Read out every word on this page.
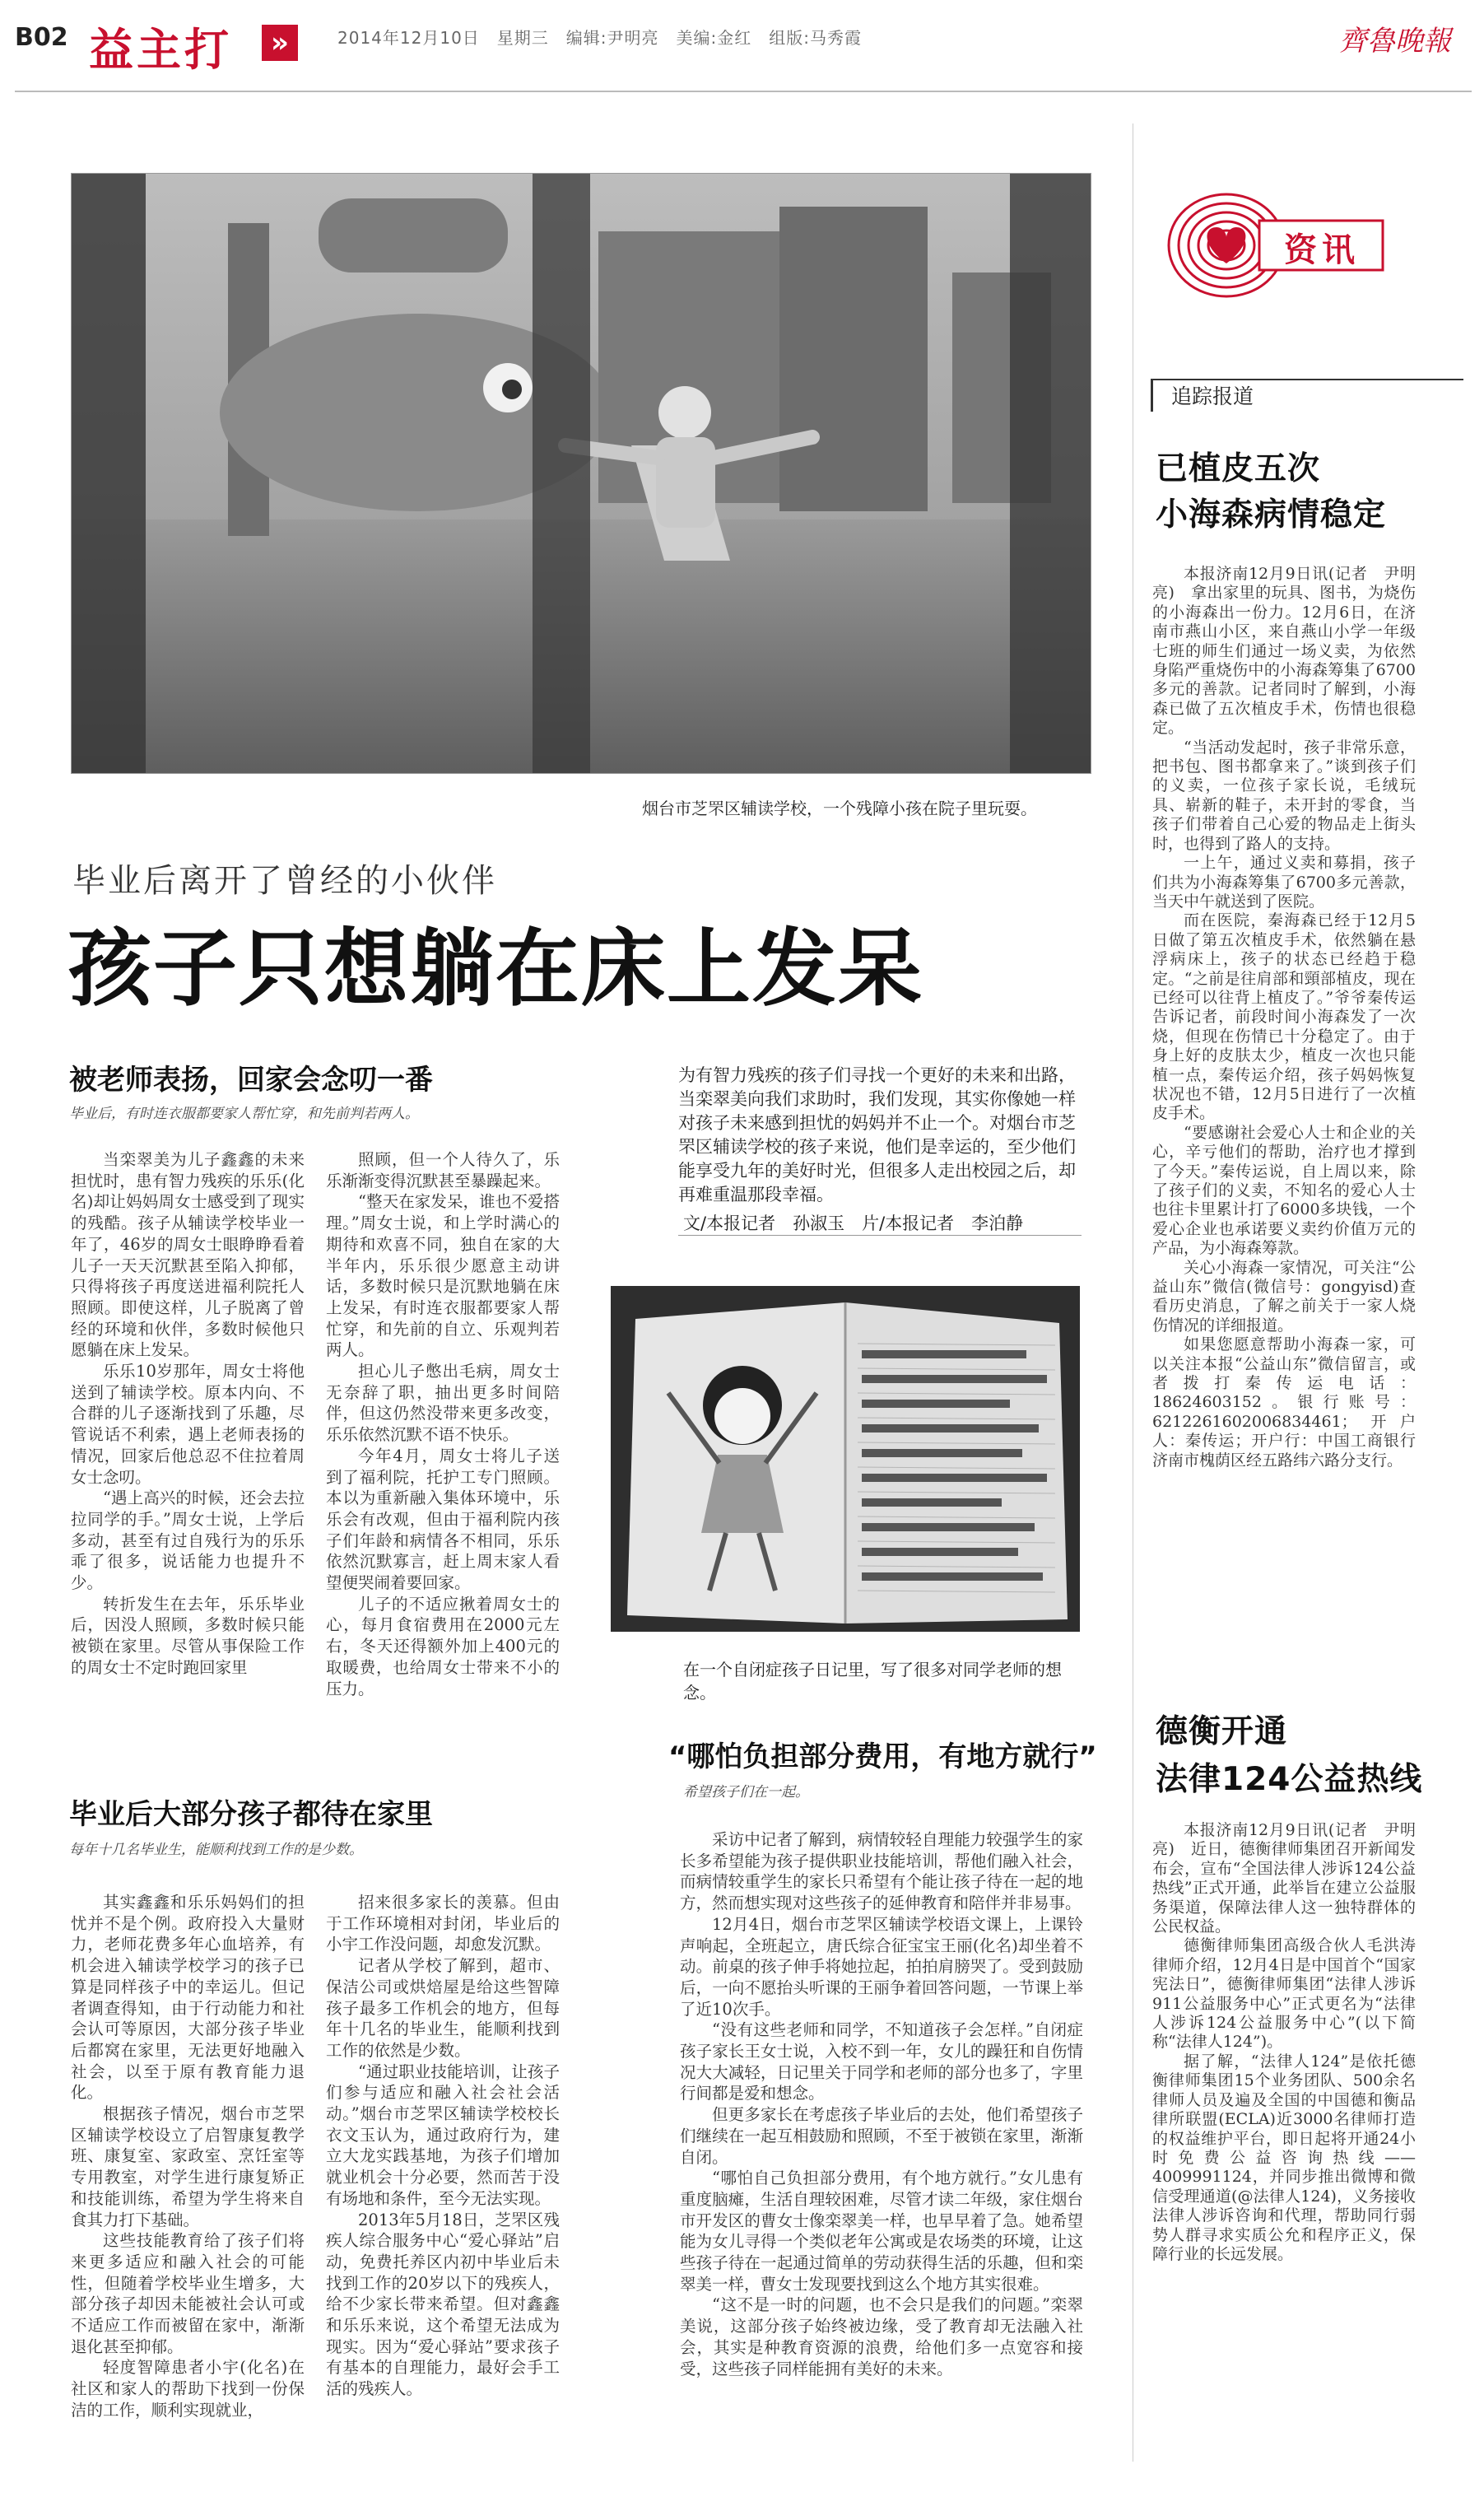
B02 益主打	»	2014年12月10日　星期三　编辑:尹明亮　美编:金红　组版:马秀霞	齊魯晚報
烟台市芝罘区辅读学校，一个残障小孩在院子里玩耍。
毕业后离开了曾经的小伙伴
孩子只想躺在床上发呆
被老师表扬，回家会念叨一番
毕业后，有时连衣服都要家人帮忙穿，和先前判若两人。

当栾翠美为儿子鑫鑫的未来担忧时，患有智力残疾的乐乐(化名)却让妈妈周女士感受到了现实的残酷。孩子从辅读学校毕业一年了，46岁的周女士眼睁睁看着儿子一天天沉默甚至陷入抑郁，只得将孩子再度送进福利院托人照顾。即使这样，儿子脱离了曾经的环境和伙伴，多数时候他只愿躺在床上发呆。

乐乐10岁那年，周女士将他送到了辅读学校。原本内向、不合群的儿子逐渐找到了乐趣，尽管说话不利索，遇上老师表扬的情况，回家后他总忍不住拉着周女士念叨。

“遇上高兴的时候，还会去拉拉同学的手。”周女士说，上学后多动，甚至有过自残行为的乐乐乖了很多，说话能力也提升不少。

转折发生在去年，乐乐毕业后，因没人照顾，多数时候只能被锁在家里。尽管从事保险工作的周女士不定时跑回家里

照顾，但一个人待久了，乐乐渐渐变得沉默甚至暴躁起来。

“整天在家发呆，谁也不爱搭理。”周女士说，和上学时满心的期待和欢喜不同，独自在家的大半年内，乐乐很少愿意主动讲话，多数时候只是沉默地躺在床上发呆，有时连衣服都要家人帮忙穿，和先前的自立、乐观判若两人。

担心儿子憋出毛病，周女士无奈辞了职，抽出更多时间陪伴，但这仍然没带来更多改变，乐乐依然沉默不语不快乐。

今年4月，周女士将儿子送到了福利院，托护工专门照顾。本以为重新融入集体环境中，乐乐会有改观，但由于福利院内孩子们年龄和病情各不相同，乐乐依然沉默寡言，赶上周末家人看望便哭闹着要回家。

儿子的不适应揪着周女士的心，每月食宿费用在2000元左右，冬天还得额外加上400元的取暖费，也给周女士带来不小的压力。

为有智力残疾的孩子们寻找一个更好的未来和出路，当栾翠美向我们求助时，我们发现，其实你像她一样对孩子未来感到担忧的妈妈并不止一个。对烟台市芝罘区辅读学校的孩子来说，他们是幸运的，至少他们能享受九年的美好时光，但很多人走出校园之后，却再难重温那段幸福。
文/本报记者　孙淑玉　片/本报记者　李泊静
在一个自闭症孩子日记里，写了很多对同学老师的想念。
毕业后大部分孩子都待在家里
每年十几名毕业生，能顺利找到工作的是少数。

其实鑫鑫和乐乐妈妈们的担忧并不是个例。政府投入大量财力，老师花费多年心血培养，有机会进入辅读学校学习的孩子已算是同样孩子中的幸运儿。但记者调查得知，由于行动能力和社会认可等原因，大部分孩子毕业后都窝在家里，无法更好地融入社会，以至于原有教育能力退化。

根据孩子情况，烟台市芝罘区辅读学校设立了启智康复教学班、康复室、家政室、烹饪室等专用教室，对学生进行康复矫正和技能训练，希望为学生将来自食其力打下基础。

这些技能教育给了孩子们将来更多适应和融入社会的可能性，但随着学校毕业生增多，大部分孩子却因未能被社会认可或不适应工作而被留在家中，渐渐退化甚至抑郁。

轻度智障患者小宇(化名)在社区和家人的帮助下找到一份保洁的工作，顺利实现就业，

招来很多家长的羡慕。但由于工作环境相对封闭，毕业后的小宇工作没问题，却愈发沉默。

记者从学校了解到，超市、保洁公司或烘焙屋是给这些智障孩子最多工作机会的地方，但每年十几名的毕业生，能顺利找到工作的依然是少数。

“通过职业技能培训，让孩子们参与适应和融入社会社会活动。”烟台市芝罘区辅读学校校长衣文玉认为，通过政府行为，建立大龙实践基地，为孩子们增加就业机会十分必要，然而苦于没有场地和条件，至今无法实现。

2013年5月18日，芝罘区残疾人综合服务中心“爱心驿站”启动，免费托养区内初中毕业后未找到工作的20岁以下的残疾人，给不少家长带来希望。但对鑫鑫和乐乐来说，这个希望无法成为现实。因为“爱心驿站”要求孩子有基本的自理能力，最好会手工活的残疾人。

“哪怕负担部分费用，有地方就行”
希望孩子们在一起。

采访中记者了解到，病情较轻自理能力较强学生的家长多希望能为孩子提供职业技能培训，帮他们融入社会，而病情较重学生的家长只希望有个能让孩子待在一起的地方，然而想实现对这些孩子的延伸教育和陪伴并非易事。

12月4日，烟台市芝罘区辅读学校语文课上，上课铃声响起，全班起立，唐氏综合征宝宝王丽(化名)却坐着不动。前桌的孩子伸手将她拉起，拍拍肩膀哭了。受到鼓励后，一向不愿抬头听课的王丽争着回答问题，一节课上举了近10次手。

“没有这些老师和同学，不知道孩子会怎样。”自闭症孩子家长王女士说，入校不到一年，女儿的躁狂和自伤情况大大减轻，日记里关于同学和老师的部分也多了，字里行间都是爱和想念。

但更多家长在考虑孩子毕业后的去处，他们希望孩子们继续在一起互相鼓励和照顾，不至于被锁在家里，渐渐自闭。

“哪怕自己负担部分费用，有个地方就行。”女儿患有重度脑瘫，生活自理较困难，尽管才读二年级，家住烟台市开发区的曹女士像栾翠美一样，也早早着了急。她希望能为女儿寻得一个类似老年公寓或是农场类的环境，让这些孩子待在一起通过简单的劳动获得生活的乐趣，但和栾翠美一样，曹女士发现要找到这么个地方其实很难。

“这不是一时的问题，也不会只是我们的问题。”栾翠美说，这部分孩子始终被边缘，受了教育却无法融入社会，其实是种教育资源的浪费，给他们多一点宽容和接受，这些孩子同样能拥有美好的未来。

资讯
追踪报道
已植皮五次
小海森病情稳定

本报济南12月9日讯(记者　尹明亮)　拿出家里的玩具、图书，为烧伤的小海森出一份力。12月6日，在济南市燕山小区，来自燕山小学一年级七班的师生们通过一场义卖，为依然身陷严重烧伤中的小海森筹集了6700多元的善款。记者同时了解到，小海森已做了五次植皮手术，伤情也很稳定。

“当活动发起时，孩子非常乐意，把书包、图书都拿来了。”谈到孩子们的义卖，一位孩子家长说，毛绒玩具、崭新的鞋子，未开封的零食，当孩子们带着自己心爱的物品走上街头时，也得到了路人的支持。

一上午，通过义卖和募捐，孩子们共为小海森筹集了6700多元善款，当天中午就送到了医院。

而在医院，秦海森已经于12月5日做了第五次植皮手术，依然躺在悬浮病床上，孩子的状态已经趋于稳定。“之前是往肩部和頸部植皮，现在已经可以往背上植皮了。”爷爷秦传运告诉记者，前段时间小海森发了一次烧，但现在伤情已十分稳定了。由于身上好的皮肤太少，植皮一次也只能植一点，秦传运介绍，孩子妈妈恢复状况也不错，12月5日进行了一次植皮手术。

“要感谢社会爱心人士和企业的关心，辛亏他们的帮助，治疗也才撑到了今天。”秦传运说，自上周以来，除了孩子们的义卖，不知名的爱心人士也往卡里累计打了6000多块钱，一个爱心企业也承诺要义卖约价值万元的产品，为小海森筹款。

关心小海森一家情况，可关注“公益山东”微信(微信号：gongyisd)查看历史消息，了解之前关于一家人烧伤情况的详细报道。

如果您愿意帮助小海森一家，可以关注本报“公益山东”微信留言，或者拨打秦传运电话：18624603152。银行账号：6212261602006834461；开户人：秦传运；开户行：中国工商银行济南市槐荫区经五路纬六路分支行。

德衡开通
法律124公益热线

本报济南12月9日讯(记者　尹明亮)　近日，德衡律师集团召开新闻发布会，宣布“全国法律人涉诉124公益热线”正式开通，此举旨在建立公益服务渠道，保障法律人这一独特群体的公民权益。

德衡律师集团高级合伙人毛洪涛律师介绍，12月4日是中国首个“国家宪法日”，德衡律师集团“法律人涉诉911公益服务中心”正式更名为“法律人涉诉124公益服务中心”(以下简称“法律人124”)。

据了解，“法律人124”是依托德衡律师集团15个业务团队、500余名律师人员及遍及全国的中国德和衡品律所联盟(ECLA)近3000名律师打造的权益维护平台，即日起将开通24小时免费公益咨询热线——4009991124，并同步推出微博和微信受理通道(@法律人124)，义务接收法律人涉诉咨询和代理，帮助同行弱势人群寻求实质公允和程序正义，保障行业的长远发展。
